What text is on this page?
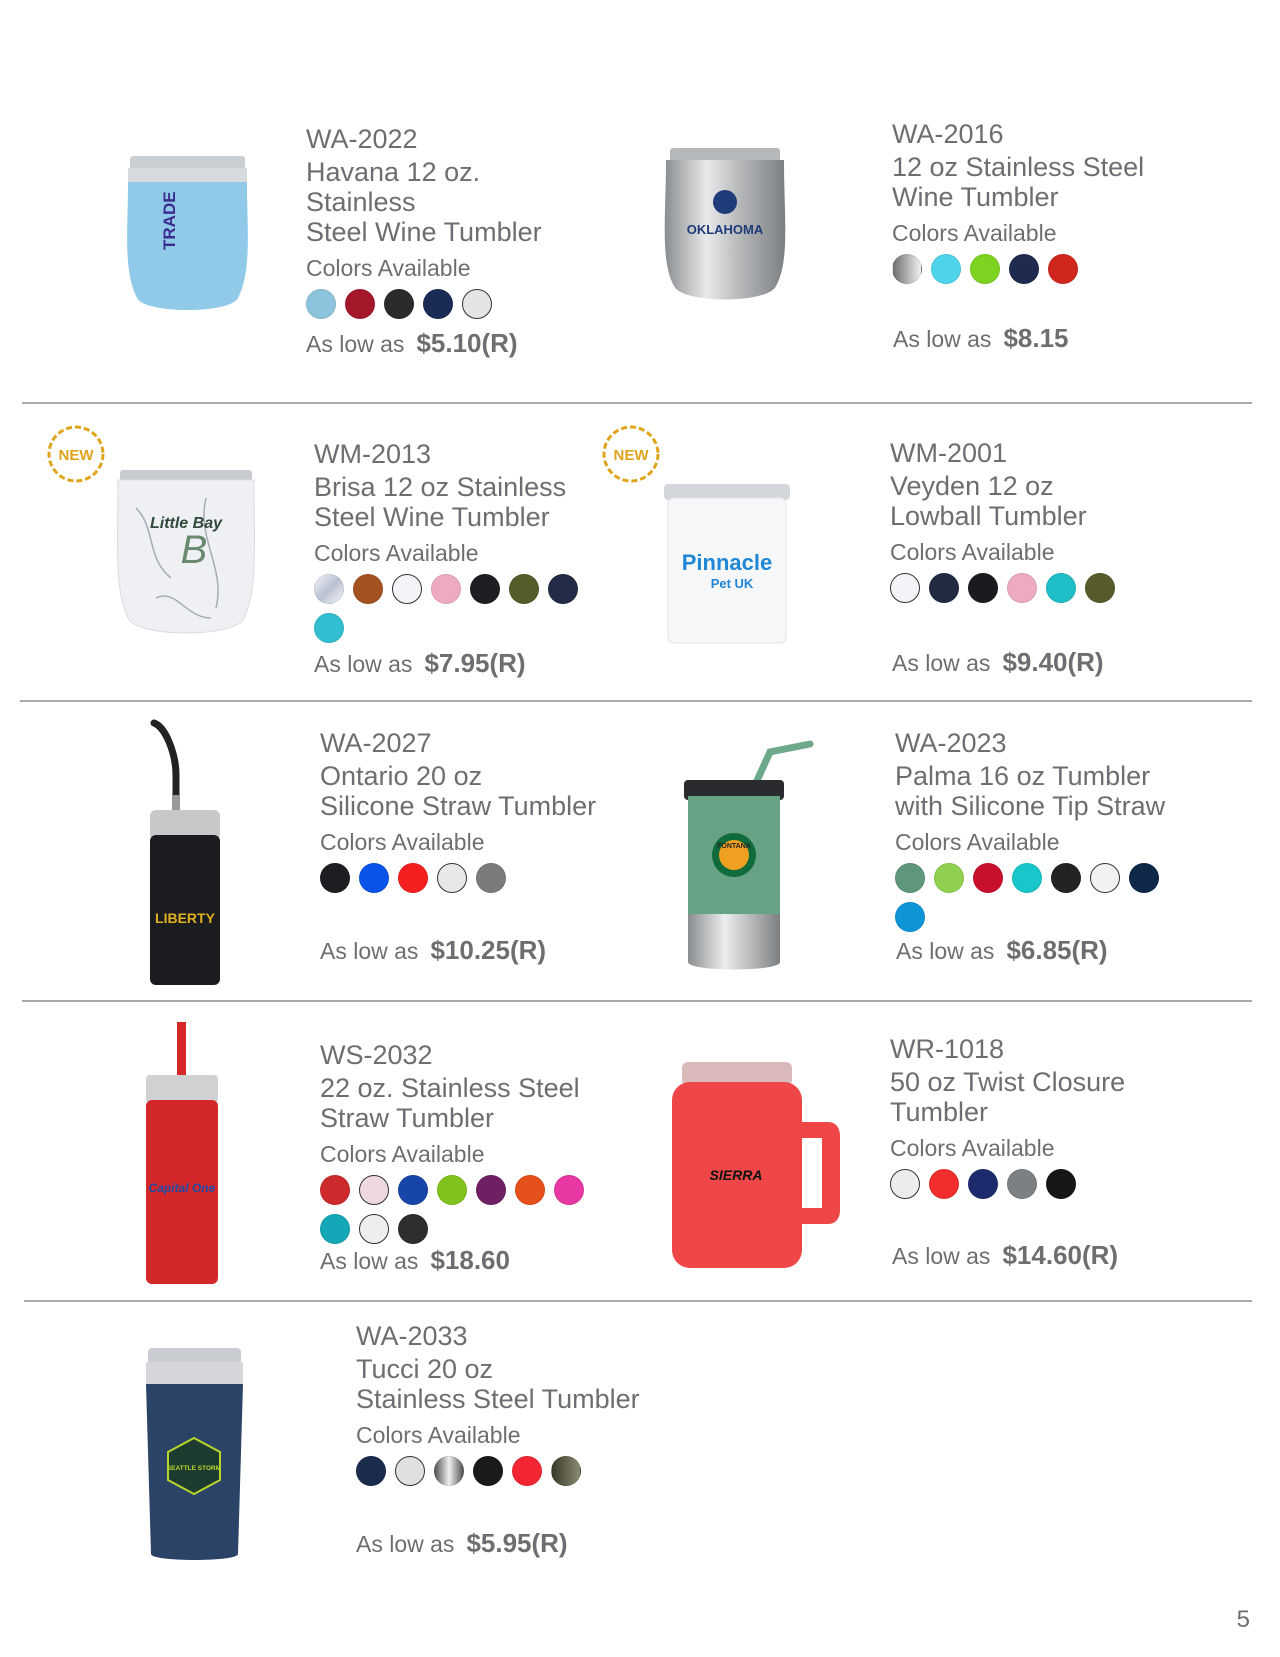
TRADE
WA-2022
Havana 12 oz. Stainless
Steel Wine Tumbler
Colors Available
As low as $5.10(R)
OKLAHOMA
WA-2016
12 oz Stainless Steel
Wine Tumbler
Colors Available
As low as $8.15
NEW
Little Bay
B
WM-2013
Brisa 12 oz Stainless
Steel Wine Tumbler
Colors Available
As low as $7.95(R)
NEW
Pinnacle
Pet UK
WM-2001
Veyden 12 oz
Lowball Tumbler
Colors Available
As low as $9.40(R)
LIBERTY
WA-2027
Ontario 20 oz
Silicone Straw Tumbler
Colors Available
As low as $10.25(R)
FONTANA
WA-2023
Palma 16 oz Tumbler
with Silicone Tip Straw
Colors Available
As low as $6.85(R)
Capital One
WS-2032
22 oz. Stainless Steel
Straw Tumbler
Colors Available
As low as $18.60
SIERRA
WR-1018
50 oz Twist Closure
Tumbler
Colors Available
As low as $14.60(R)
SEATTLE STORM
WA-2033
Tucci 20 oz
Stainless Steel Tumbler
Colors Available
As low as $5.95(R)
5
